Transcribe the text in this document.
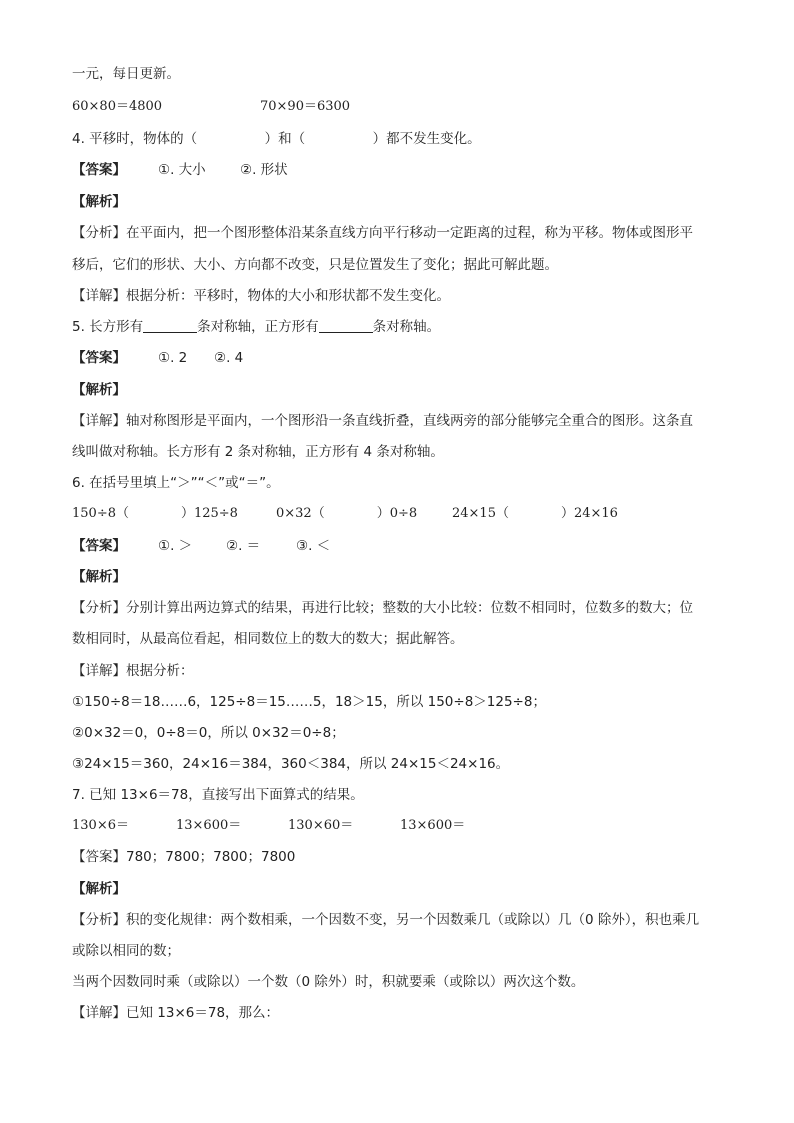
一元，每日更新。
60×80＝4800	70×90＝6300
4. 平移时，物体的（　　　　　）和（　　　　　）都不发生变化。
【答案】 ①. 大小	②. 形状
【解析】
【分析】在平面内，把一个图形整体沿某条直线方向平行移动一定距离的过程，称为平移。物体或图形平
移后，它们的形状、大小、方向都不改变，只是位置发生了变化；据此可解此题。
【详解】根据分析：平移时，物体的大小和形状都不发生变化。
5. 长方形有	条对称轴，正方形有	条对称轴。
【答案】 ①. 2 ②. 4
【解析】
【详解】轴对称图形是平面内，一个图形沿一条直线折叠，直线两旁的部分能够完全重合的图形。这条直
线叫做对称轴。长方形有 2 条对称轴，正方形有 4 条对称轴。
6. 在括号里填上“＞”“＜”或“＝”。
150÷8（　　　　）125÷8	0×32（　　　　）0÷8	24×15（　　　　）24×16
【答案】 ①. ＞	②. ＝	③. ＜
【解析】
【分析】分别计算出两边算式的结果，再进行比较；整数的大小比较：位数不相同时，位数多的数大；位
数相同时，从最高位看起，相同数位上的数大的数大；据此解答。
【详解】根据分析：
①150÷8＝18……6，125÷8＝15……5，18＞15，所以 150÷8＞125÷8；
②0×32＝0，0÷8＝0，所以 0×32＝0÷8；
③24×15＝360，24×16＝384，360＜384，所以 24×15＜24×16。
7. 已知 13×6＝78，直接写出下面算式的结果。
130×6＝	13×600＝	130×60＝	13×600＝
【答案】780；7800；7800；7800
【解析】
【分析】积的变化规律：两个数相乘，一个因数不变，另一个因数乘几（或除以）几（0 除外），积也乘几
或除以相同的数；
当两个因数同时乘（或除以）一个数（0 除外）时，积就要乘（或除以）两次这个数。
【详解】已知 13×6＝78，那么：
